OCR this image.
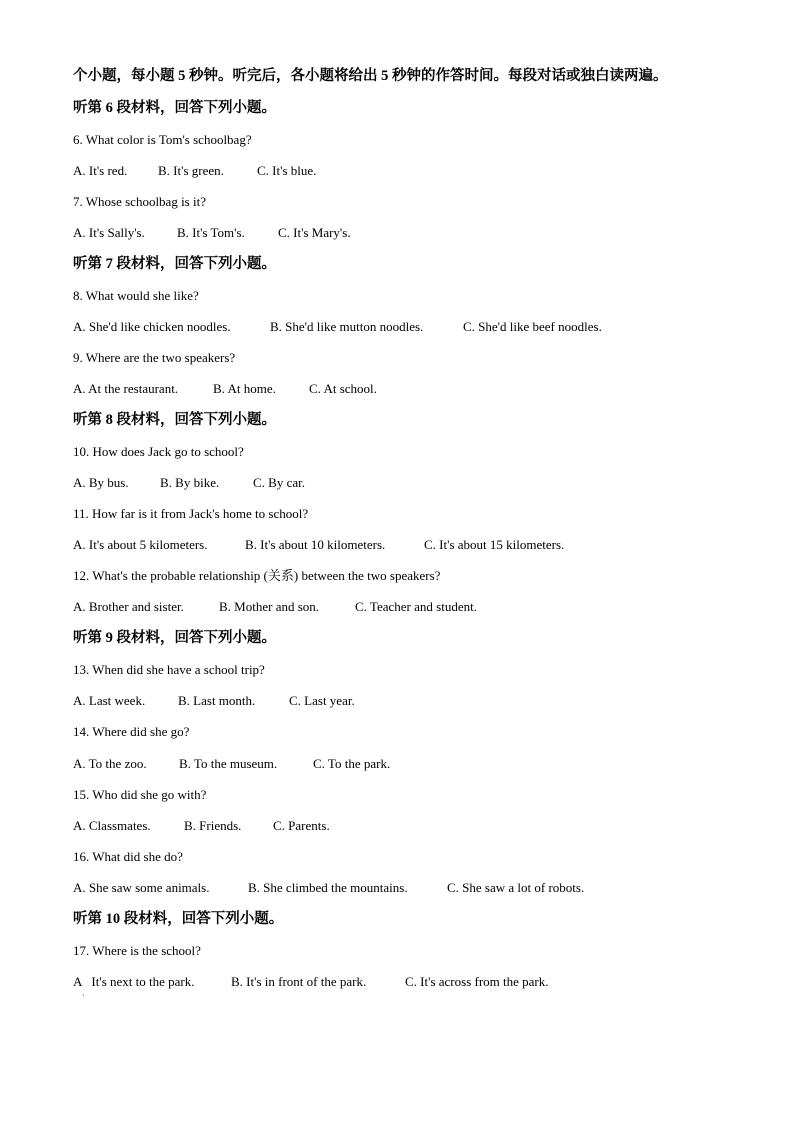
个小题，每小题 5 秒钟。听完后，各小题将给出 5 秒钟的作答时间。每段对话或独白读两遍。
听第 6 段材料，回答下列小题。
6. What color is Tom's schoolbag?
A. It's red. B. It's green.	C. It's blue.
7. Whose schoolbag is it?
A. It's Sally's. B. It's Tom's.	C. It's Mary's.
听第 7 段材料，回答下列小题。
8. What would she like?
A. She'd like chicken noodles.	B. She'd like mutton noodles.	C. She'd like beef noodles.
9. Where are the two speakers?
A. At the restaurant.	B. At home.	C. At school.
听第 8 段材料，回答下列小题。
10. How does Jack go to school?
A. By bus. B. By bike.	C. By car.
11. How far is it from Jack's home to school?
A. It's about 5 kilometers.	B. It's about 10 kilometers.	C. It's about 15 kilometers.
12. What's the probable relationship (关系) between the two speakers?
A. Brother and sister.	B. Mother and son.	C. Teacher and student.
听第 9 段材料，回答下列小题。
13. When did she have a school trip?
A. Last week.	B. Last month.	C. Last year.
14. Where did she go?
A. To the zoo. B. To the museum.	C. To the park.
15. Who did she go with?
A. Classmates.	B. Friends. C. Parents.
16. What did she do?
A. She saw some animals.	B. She climbed the mountains.	C. She saw a lot of robots.
听第 10 段材料，回答下列小题。
17. Where is the school?
A   It's next to the park.	B. It's in front of the park.	C. It's across from the park.
·
